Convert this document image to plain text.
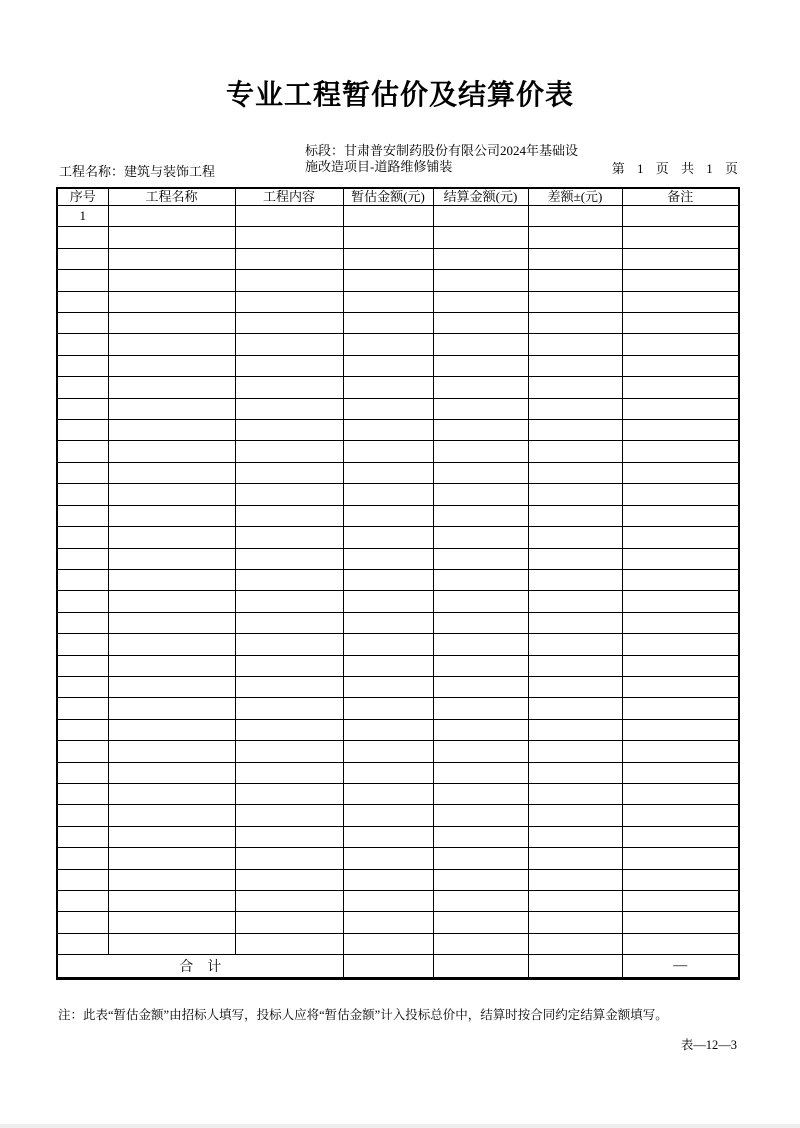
专业工程暂估价及结算价表
工程名称：建筑与装饰工程
标段：甘肃普安制药股份有限公司2024年基础设
施改造项目-道路维修铺装	第 1 页 共 1 页
序号	工程名称	工程内容	暂估金额(元)	结算金额(元)	差额±(元)	备注
1						

合　计						—
注：此表“暂估金额”由招标人填写，投标人应将“暂估金额”计入投标总价中，结算时按合同约定结算金额填写。
表—12—3
